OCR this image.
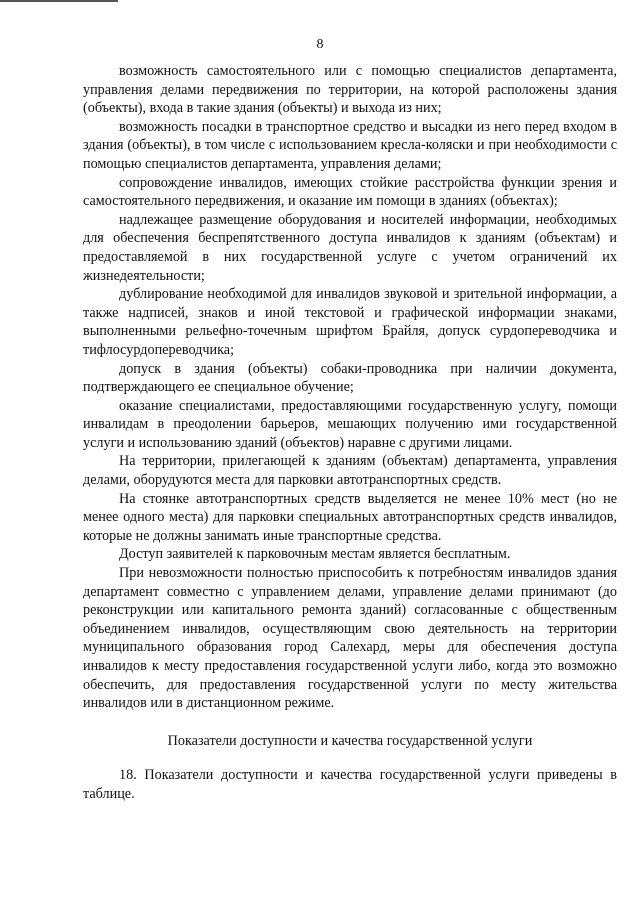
8

возможность самостоятельного или с помощью специалистов департамента, управления делами передвижения по территории, на которой расположены здания (объекты), входа в такие здания (объекты) и выхода из них;

возможность посадки в транспортное средство и высадки из него перед входом в здания (объекты), в том числе с использованием кресла-коляски и при необходимости с помощью специалистов департамента, управления делами;

сопровождение инвалидов, имеющих стойкие расстройства функции зрения и самостоятельного передвижения, и оказание им помощи в зданиях (объектах);

надлежащее размещение оборудования и носителей информации, необходимых для обеспечения беспрепятственного доступа инвалидов к зданиям (объектам) и предоставляемой в них государственной услуге с учетом ограничений их жизнедеятельности;

дублирование необходимой для инвалидов звуковой и зрительной информации, а также надписей, знаков и иной текстовой и графической информации знаками, выполненными рельефно-точечным шрифтом Брайля, допуск сурдопереводчика и тифлосурдопереводчика;

допуск в здания (объекты) собаки-проводника при наличии документа, подтверждающего ее специальное обучение;

оказание специалистами, предоставляющими государственную услугу, помощи инвалидам в преодолении барьеров, мешающих получению ими государственной услуги и использованию зданий (объектов) наравне с другими лицами.

На территории, прилегающей к зданиям (объектам) департамента, управления делами, оборудуются места для парковки автотранспортных средств.

На стоянке автотранспортных средств выделяется не менее 10% мест (но не менее одного места) для парковки специальных автотранспортных средств инвалидов, которые не должны занимать иные транспортные средства.

Доступ заявителей к парковочным местам является бесплатным.

При невозможности полностью приспособить к потребностям инвалидов здания департамент совместно с управлением делами, управление делами принимают (до реконструкции или капитального ремонта зданий) согласованные с общественным объединением инвалидов, осуществляющим свою деятельность на территории муниципального образования город Салехард, меры для обеспечения доступа инвалидов к месту предоставления государственной услуги либо, когда это возможно обеспечить, для предоставления государственной услуги по месту жительства инвалидов или в дистанционном режиме.

Показатели доступности и качества государственной услуги

18. Показатели доступности и качества государственной услуги приведены в таблице.
